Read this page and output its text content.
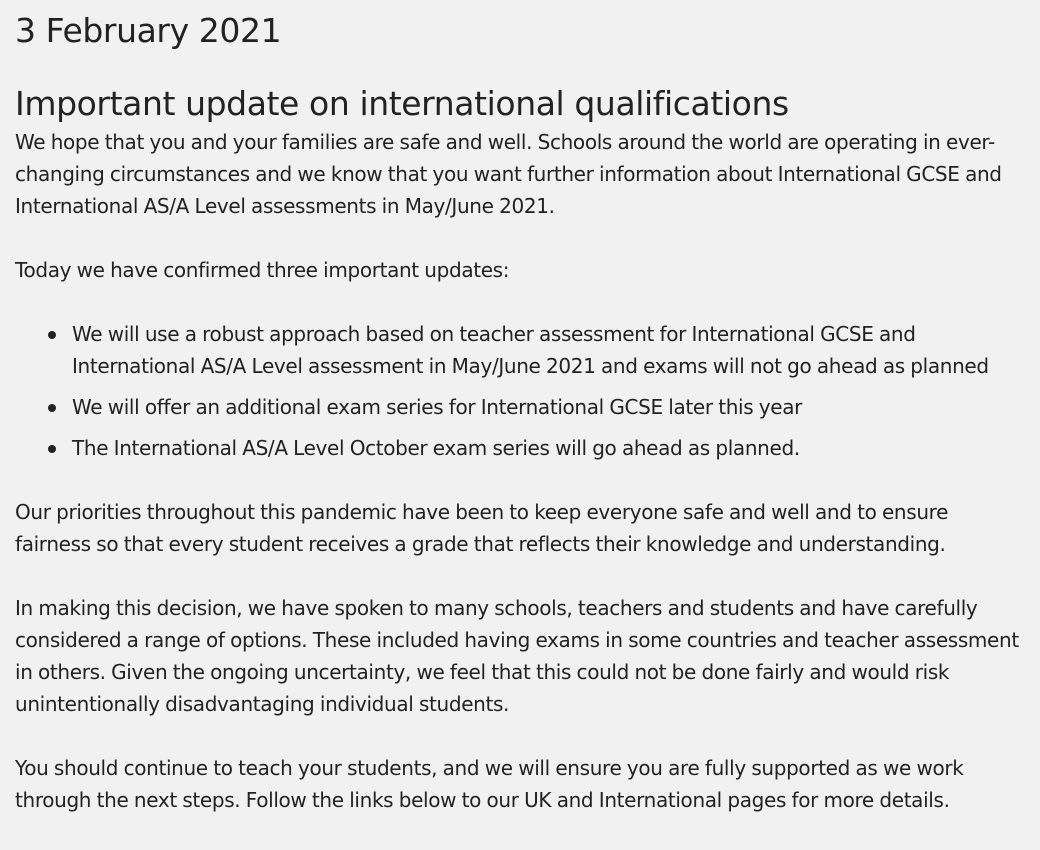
3 February 2021
Important update on international qualifications

We hope that you and your families are safe and well. Schools around the world are operating in ever-changing circumstances and we know that you want further information about International GCSE and International AS/A Level assessments in May/June 2021.

Today we have confirmed three important updates:

We will use a robust approach based on teacher assessment for International GCSE and International AS/A Level assessment in May/June 2021 and exams will not go ahead as planned
We will offer an additional exam series for International GCSE later this year
The International AS/A Level October exam series will go ahead as planned.

Our priorities throughout this pandemic have been to keep everyone safe and well and to ensure fairness so that every student receives a grade that reflects their knowledge and understanding.

In making this decision, we have spoken to many schools, teachers and students and have carefully considered a range of options. These included having exams in some countries and teacher assessment in others. Given the ongoing uncertainty, we feel that this could not be done fairly and would risk unintentionally disadvantaging individual students.

You should continue to teach your students, and we will ensure you are fully supported as we work through the next steps. Follow the links below to our UK and International pages for more details.
